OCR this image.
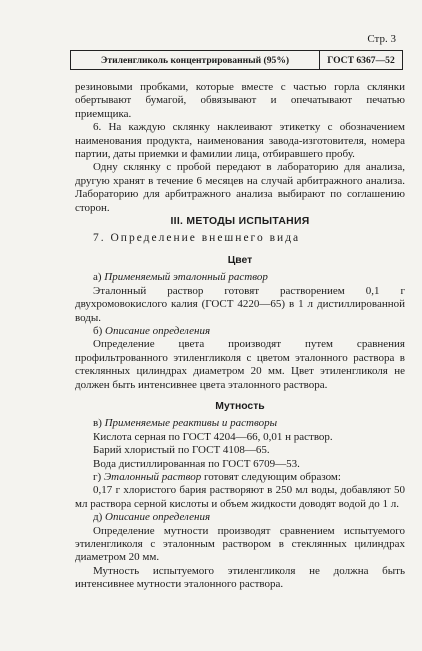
Стр. 3
Этиленгликоль концентрированный (95%)	ГОСТ 6367—52

резиновыми пробками, которые вместе с частью горла склянки обертывают бумагой, обвязывают и опечатывают печатью приемщика.

6. На каждую склянку наклеивают этикетку с обозначением наименования продукта, наименования завода-изготовителя, номера партии, даты приемки и фамилии лица, отбиравшего пробу.

Одну склянку с пробой передают в лабораторию для анализа, другую хранят в течение 6 месяцев на случай арбитражного анализа. Лабораторию для арбитражного анализа выбирают по соглашению сторон.

III. МЕТОДЫ ИСПЫТАНИЯ

7. Определение внешнего вида

Цвет

а) Применяемый эталонный раствор

Эталонный раствор готовят растворением 0,1 г двухромовокислого калия (ГОСТ 4220—65) в 1 л дистиллированной воды.

б) Описание определения

Определение цвета производят путем сравнения профильтрованного этиленгликоля с цветом эталонного раствора в стеклянных цилиндрах диаметром 20 мм. Цвет этиленгликоля не должен быть интенсивнее цвета эталонного раствора.

Мутность

в) Применяемые реактивы и растворы

Кислота серная по ГОСТ 4204—66, 0,01 н раствор.

Барий хлористый по ГОСТ 4108—65.

Вода дистиллированная по ГОСТ 6709—53.

г) Эталонный раствор готовят следующим образом:

0,17 г хлористого бария растворяют в 250 мл воды, добавляют 50 мл раствора серной кислоты и объем жидкости доводят водой до 1 л.

д) Описание определения

Определение мутности производят сравнением испытуемого этиленгликоля с эталонным раствором в стеклянных цилиндрах диаметром 20 мм.

Мутность испытуемого этиленгликоля не должна быть интенсивнее мутности эталонного раствора.
